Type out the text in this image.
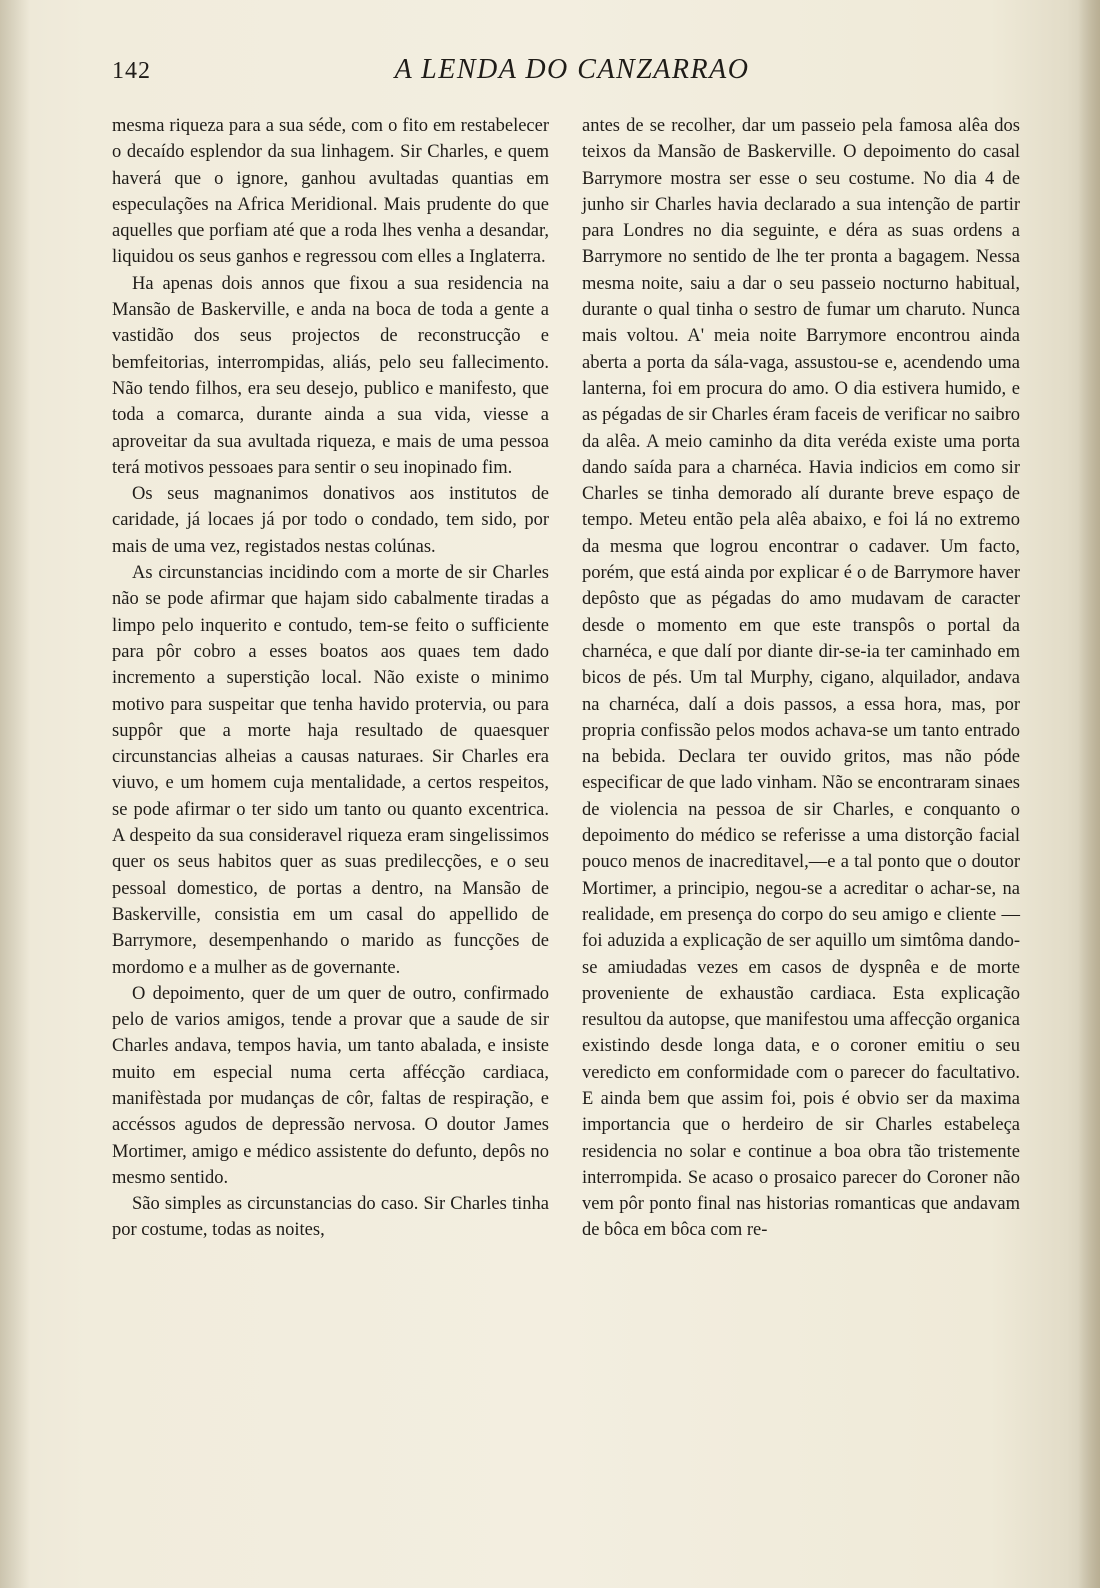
142	A LENDA DO CANZARRAO

mesma riqueza para a sua séde, com o fito em restabelecer o decaído esplendor da sua linhagem. Sir Charles, e quem haverá que o ignore, ganhou avultadas quantias em especulações na Africa Meridional. Mais prudente do que aquelles que porfiam até que a roda lhes venha a desandar, liquidou os seus ganhos e regressou com elles a Inglaterra.

Ha apenas dois annos que fixou a sua residencia na Mansão de Baskerville, e anda na boca de toda a gente a vastidão dos seus projectos de reconstrucção e bemfeitorias, interrompidas, aliás, pelo seu fallecimento. Não tendo filhos, era seu desejo, publico e manifesto, que toda a comarca, durante ainda a sua vida, viesse a aproveitar da sua avultada riqueza, e mais de uma pessoa terá motivos pessoaes para sentir o seu inopinado fim.

Os seus magnanimos donativos aos institutos de caridade, já locaes já por todo o condado, tem sido, por mais de uma vez, registados nestas colúnas.

As circunstancias incidindo com a morte de sir Charles não se pode afirmar que hajam sido cabalmente tiradas a limpo pelo inquerito e contudo, tem-se feito o sufficiente para pôr cobro a esses boatos aos quaes tem dado incremento a superstição local. Não existe o minimo motivo para suspeitar que tenha havido protervia, ou para suppôr que a morte haja resultado de quaesquer circunstancias alheias a causas naturaes. Sir Charles era viuvo, e um homem cuja mentalidade, a certos respeitos, se pode afirmar o ter sido um tanto ou quanto excentrica. A despeito da sua consideravel riqueza eram singelissimos quer os seus habitos quer as suas predilecções, e o seu pessoal domestico, de portas a dentro, na Mansão de Baskerville, consistia em um casal do appellido de Barrymore, desempenhando o marido as funcções de mordomo e a mulher as de governante.

O depoimento, quer de um quer de outro, confirmado pelo de varios amigos, tende a provar que a saude de sir Charles andava, tempos havia, um tanto abalada, e insiste muito em especial numa certa affécção cardiaca, manifèstada por mudanças de côr, faltas de respiração, e accéssos agudos de depressão nervosa. O doutor James Mortimer, amigo e médico assistente do defunto, depôs no mesmo sentido.

São simples as circunstancias do caso. Sir Charles tinha por costume, todas as noites,

antes de se recolher, dar um passeio pela famosa alêa dos teixos da Mansão de Baskerville. O depoimento do casal Barrymore mostra ser esse o seu costume. No dia 4 de junho sir Charles havia declarado a sua intenção de partir para Londres no dia seguinte, e déra as suas ordens a Barrymore no sentido de lhe ter pronta a bagagem. Nessa mesma noite, saiu a dar o seu passeio nocturno habitual, durante o qual tinha o sestro de fumar um charuto. Nunca mais voltou. A' meia noite Barrymore encontrou ainda aberta a porta da sála-vaga, assustou-se e, acendendo uma lanterna, foi em procura do amo. O dia estivera humido, e as pégadas de sir Charles éram faceis de verificar no saibro da alêa. A meio caminho da dita veréda existe uma porta dando saída para a charnéca. Havia indicios em como sir Charles se tinha demorado alí durante breve espaço de tempo. Meteu então pela alêa abaixo, e foi lá no extremo da mesma que logrou encontrar o cadaver. Um facto, porém, que está ainda por explicar é o de Barrymore haver depôsto que as pégadas do amo mudavam de caracter desde o momento em que este transpôs o portal da charnéca, e que dalí por diante dir-se-ia ter caminhado em bicos de pés. Um tal Murphy, cigano, alquilador, andava na charnéca, dalí a dois passos, a essa hora, mas, por propria confissão pelos modos achava-se um tanto entrado na bebida. Declara ter ouvido gritos, mas não póde especificar de que lado vinham. Não se encontraram sinaes de violencia na pessoa de sir Charles, e conquanto o depoimento do médico se referisse a uma distorção facial pouco menos de inacreditavel,—e a tal ponto que o doutor Mortimer, a principio, negou-se a acreditar o achar-se, na realidade, em presença do corpo do seu amigo e cliente — foi aduzida a explicação de ser aquillo um simtôma dando-se amiudadas vezes em casos de dyspnêa e de morte proveniente de exhaustão cardiaca. Esta explicação resultou da autopse, que manifestou uma affecção organica existindo desde longa data, e o coroner emitiu o seu veredicto em conformidade com o parecer do facultativo. E ainda bem que assim foi, pois é obvio ser da maxima importancia que o herdeiro de sir Charles estabeleça residencia no solar e continue a boa obra tão tristemente interrompida. Se acaso o prosaico parecer do Coroner não vem pôr ponto final nas historias romanticas que andavam de bôca em bôca com re-
